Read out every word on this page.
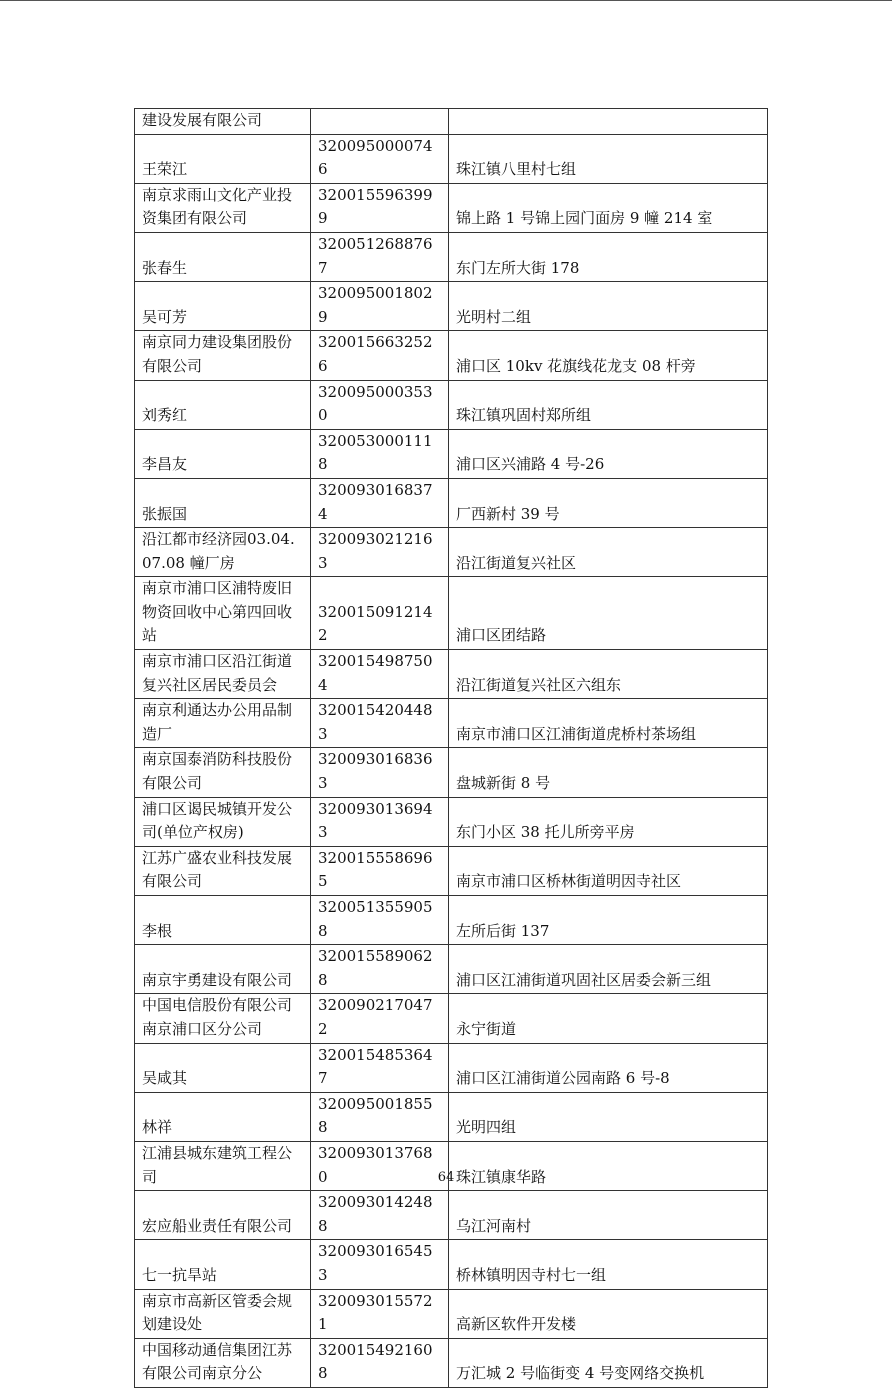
建设发展有限公司		
王荣江	3200950000746	珠江镇八里村七组
南京求雨山文化产业投资集团有限公司	3200155963999	锦上路 1 号锦上园门面房 9 幢 214 室
张春生	3200512688767	东门左所大街 178
吴可芳	3200950018029	光明村二组
南京同力建设集团股份有限公司	3200156632526	浦口区 10kv 花旗线花龙支 08 杆旁
刘秀红	3200950003530	珠江镇巩固村郑所组
李昌友	3200530001118	浦口区兴浦路 4 号-26
张振国	3200930168374	厂西新村 39 号
沿江都市经济园03.04.07.08 幢厂房	3200930212163	沿江街道复兴社区
南京市浦口区浦特废旧物资回收中心第四回收站	3200150912142	浦口区团结路
南京市浦口区沿江街道复兴社区居民委员会	3200154987504	沿江街道复兴社区六组东
南京利通达办公用品制造厂	3200154204483	南京市浦口区江浦街道虎桥村茶场组
南京国泰消防科技股份有限公司	3200930168363	盘城新街 8 号
浦口区谒民城镇开发公司(单位产权房)	3200930136943	东门小区 38 托儿所旁平房
江苏广盛农业科技发展有限公司	3200155586965	南京市浦口区桥林街道明因寺社区
李根	3200513559058	左所后街 137
南京宇勇建设有限公司	3200155890628	浦口区江浦街道巩固社区居委会新三组
中国电信股份有限公司南京浦口区分公司	3200902170472	永宁街道
吴咸其	3200154853647	浦口区江浦街道公园南路 6 号-8
林祥	3200950018558	光明四组
江浦县城东建筑工程公司	3200930137680	珠江镇康华路
宏应船业责任有限公司	3200930142488	乌江河南村
七一抗旱站	3200930165453	桥林镇明因寺村七一组
南京市高新区管委会规划建设处	3200930155721	高新区软件开发楼
中国移动通信集团江苏有限公司南京分公	3200154921608	万汇城 2 号临街变 4 号变网络交换机
64
